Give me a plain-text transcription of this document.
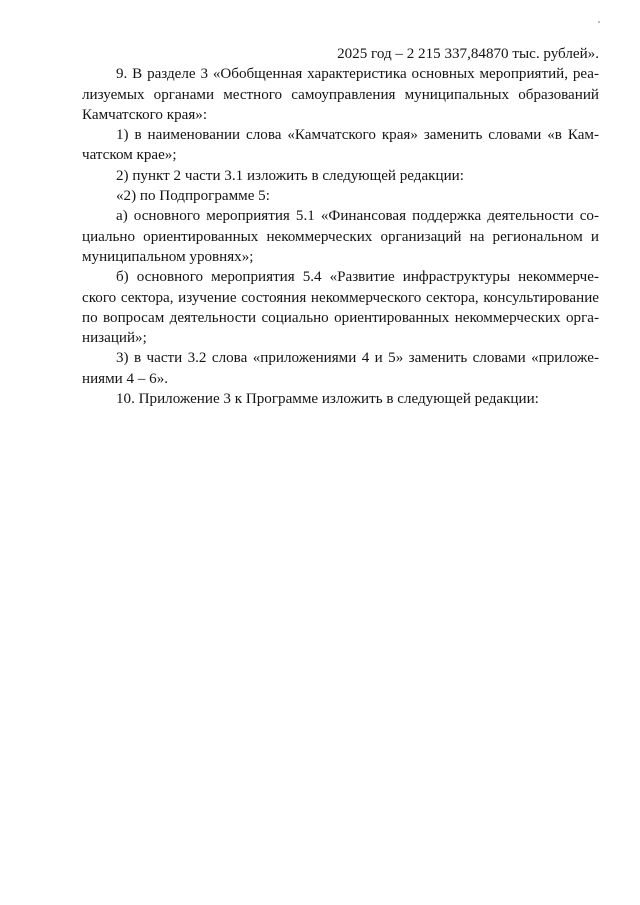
2025 год – 2 215 337,84870 тыс. рублей».
9. В разделе 3 «Обобщенная характеристика основных мероприятий, реа-
лизуемых органами местного самоуправления муниципальных образований
Камчатского края»:
1) в наименовании слова «Камчатского края» заменить словами «в Кам-
чатском крае»;
2) пункт 2 части 3.1 изложить в следующей редакции:
«2) по Подпрограмме 5:
а) основного мероприятия 5.1 «Финансовая поддержка деятельности со-
циально ориентированных некоммерческих организаций на региональном и
муниципальном уровнях»;
б) основного мероприятия 5.4 «Развитие инфраструктуры некоммерче-
ского сектора, изучение состояния некоммерческого сектора, консультирование
по вопросам деятельности социально ориентированных некоммерческих орга-
низаций»;
3) в части 3.2 слова «приложениями 4 и 5» заменить словами «приложе-
ниями 4 – 6».
10. Приложение 3 к Программе изложить в следующей редакции:
